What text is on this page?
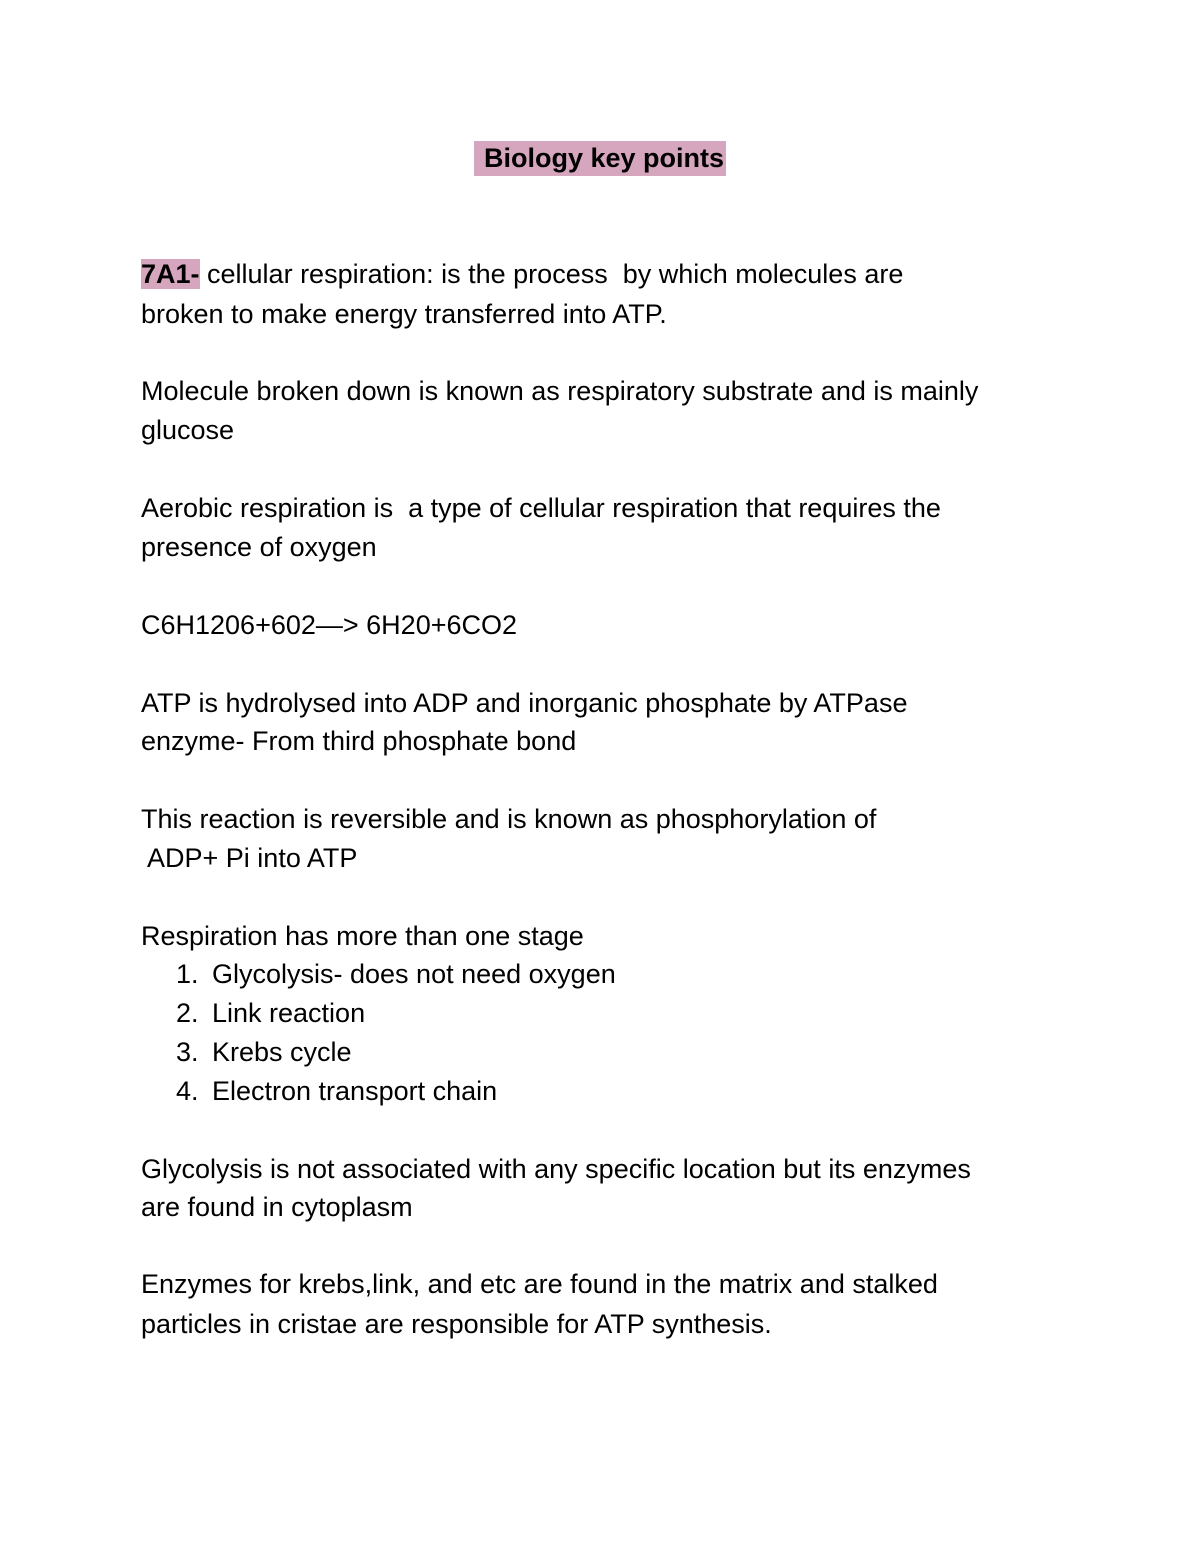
Biology key points
7A1- cellular respiration: is the process  by which molecules are
broken to make energy transferred into ATP.
Molecule broken down is known as respiratory substrate and is mainly
glucose
Aerobic respiration is  a type of cellular respiration that requires the
presence of oxygen
C6H1206+602—> 6H20+6CO2
ATP is hydrolysed into ADP and inorganic phosphate by ATPase
enzyme- From third phosphate bond
This reaction is reversible and is known as phosphorylation of
ADP+ Pi into ATP
Respiration has more than one stage
1. Glycolysis- does not need oxygen
2. Link reaction
3. Krebs cycle
4. Electron transport chain
Glycolysis is not associated with any specific location but its enzymes
are found in cytoplasm
Enzymes for krebs,link, and etc are found in the matrix and stalked
particles in cristae are responsible for ATP synthesis.
